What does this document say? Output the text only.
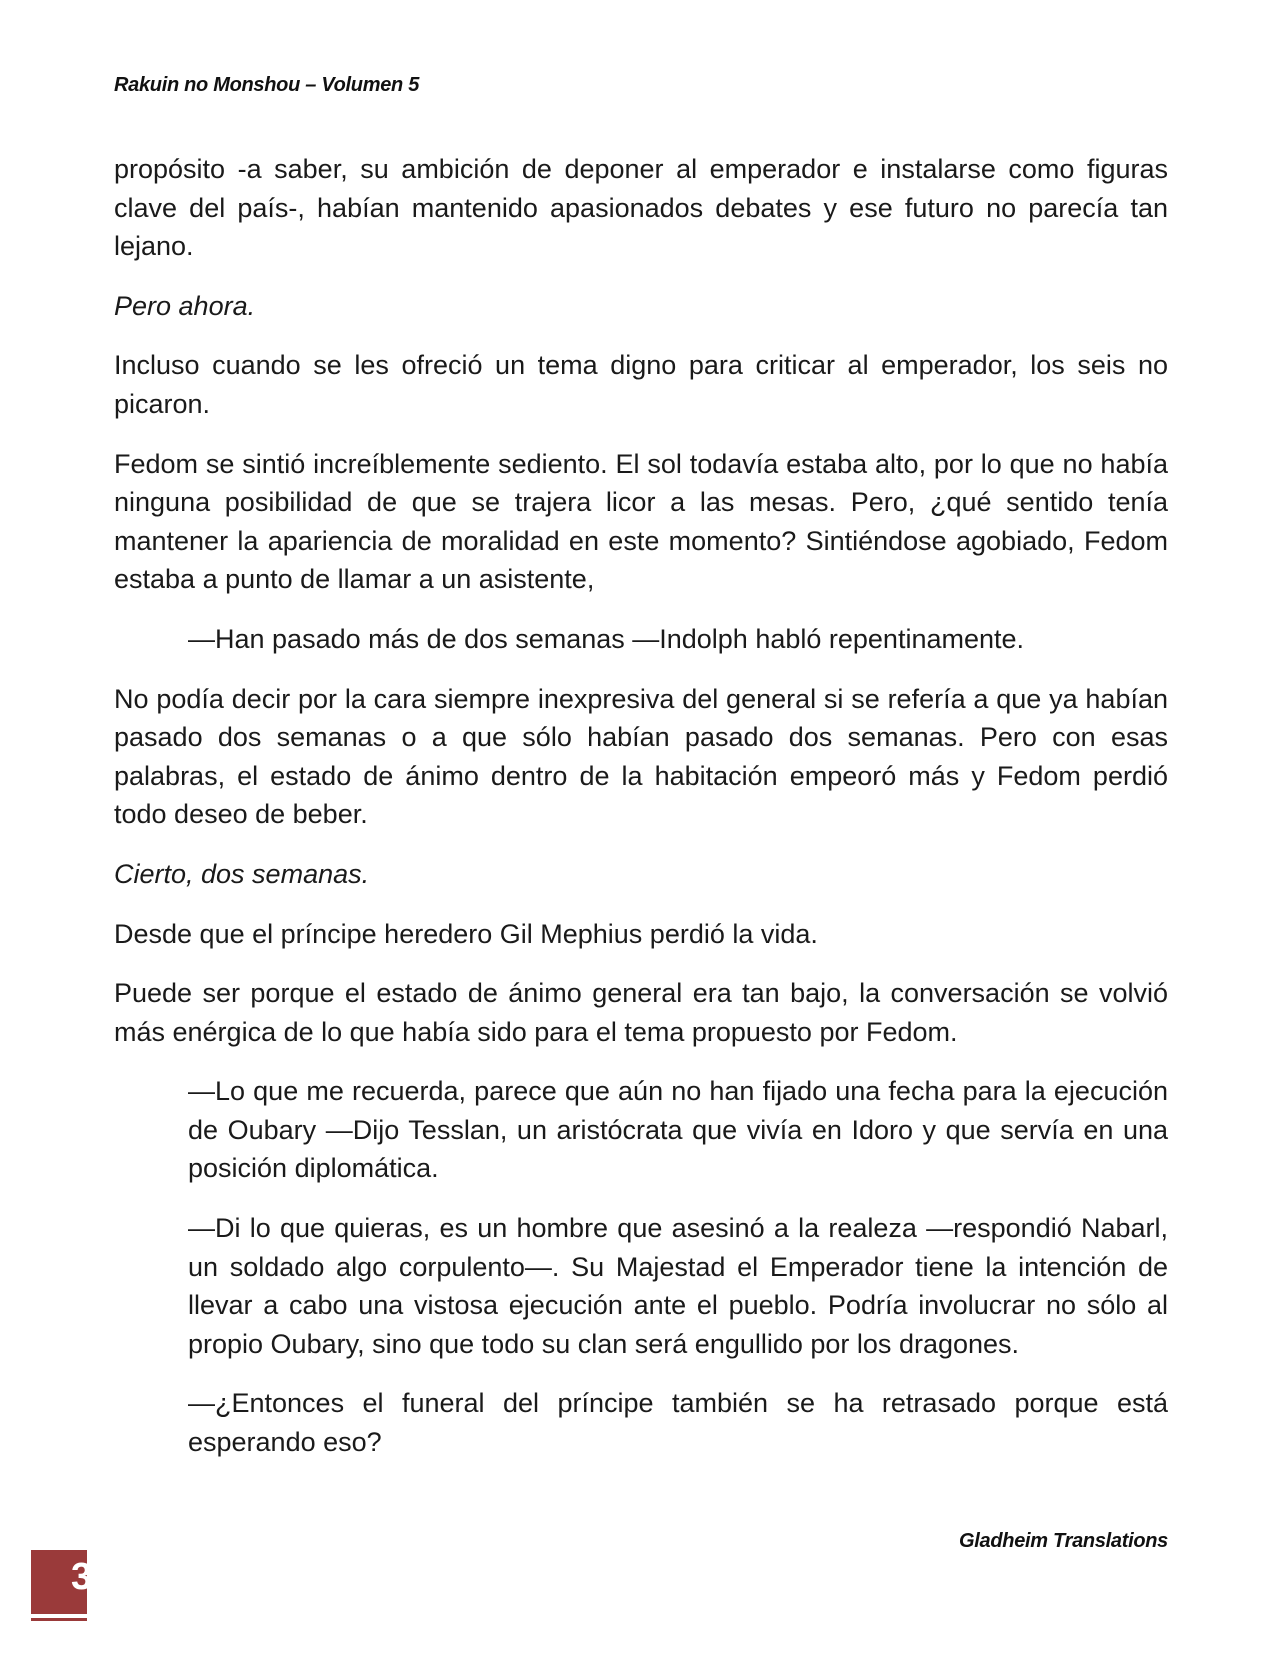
Rakuin no Monshou – Volumen 5

propósito -a saber, su ambición de deponer al emperador e instalarse como figuras clave del país-, habían mantenido apasionados debates y ese futuro no parecía tan lejano.

Pero ahora.

Incluso cuando se les ofreció un tema digno para criticar al emperador, los seis no picaron.

Fedom se sintió increíblemente sediento. El sol todavía estaba alto, por lo que no había ninguna posibilidad de que se trajera licor a las mesas. Pero, ¿qué sentido tenía mantener la apariencia de moralidad en este momento? Sintiéndose agobiado, Fedom estaba a punto de llamar a un asistente,

—Han pasado más de dos semanas —Indolph habló repentinamente.

No podía decir por la cara siempre inexpresiva del general si se refería a que ya habían pasado dos semanas o a que sólo habían pasado dos semanas. Pero con esas palabras, el estado de ánimo dentro de la habitación empeoró más y Fedom perdió todo deseo de beber.

Cierto, dos semanas.

Desde que el príncipe heredero Gil Mephius perdió la vida.

Puede ser porque el estado de ánimo general era tan bajo, la conversación se volvió más enérgica de lo que había sido para el tema propuesto por Fedom.

—Lo que me recuerda, parece que aún no han fijado una fecha para la ejecución de Oubary —Dijo Tesslan, un aristócrata que vivía en Idoro y que servía en una posición diplomática.

—Di lo que quieras, es un hombre que asesinó a la realeza —respondió Nabarl, un soldado algo corpulento—. Su Majestad el Emperador tiene la intención de llevar a cabo una vistosa ejecución ante el pueblo. Podría involucrar no sólo al propio Oubary, sino que todo su clan será engullido por los dragones.

—¿Entonces el funeral del príncipe también se ha retrasado porque está esperando eso?

Gladheim Translations
3
